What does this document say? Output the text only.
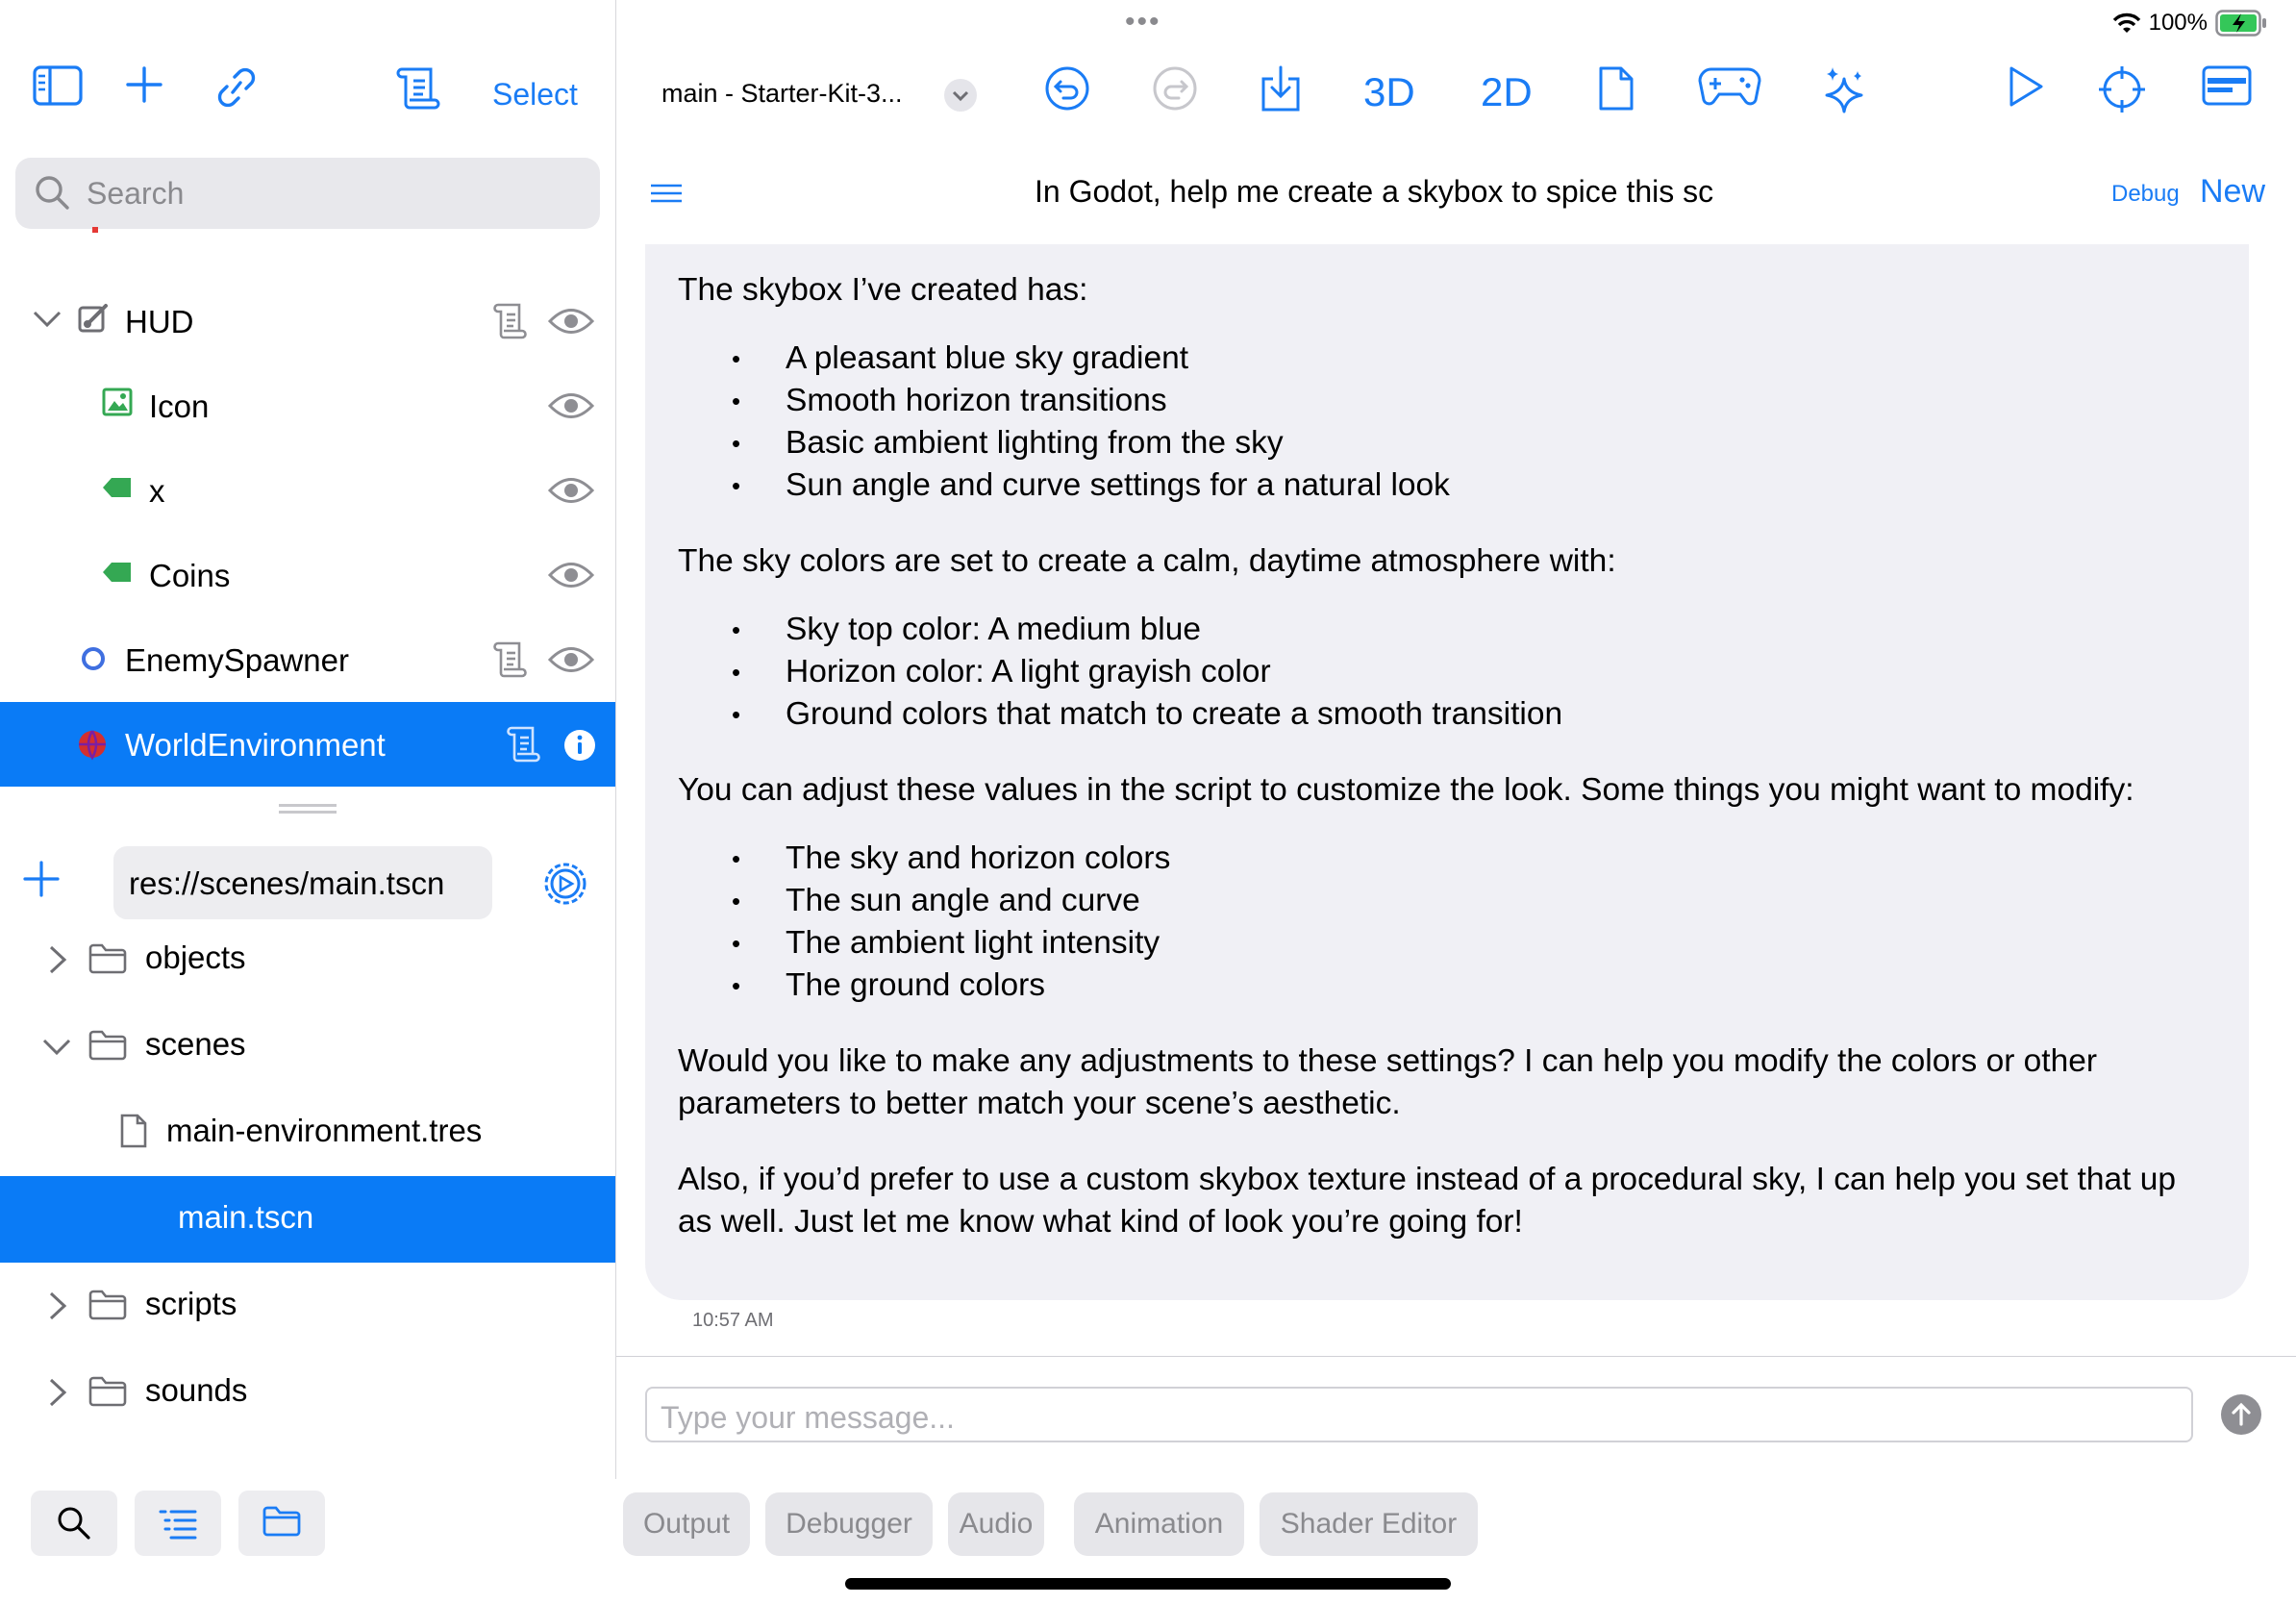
•••	100%
Select
Search
HUD
Icon
x
Coins
EnemySpawner
WorldEnvironment
res://scenes/main.tscn
objects
scenes
main-environment.tres
main.tscn
scripts
sounds
main - Starter-Kit-3...	3D 2D
In Godot, help me create a skybox to spice this sc	Debug New

The skybox I’ve created has:

• A pleasant blue sky gradient
• Smooth horizon transitions
• Basic ambient lighting from the sky
• Sun angle and curve settings for a natural look

The sky colors are set to create a calm, daytime atmosphere with:

• Sky top color: A medium blue
• Horizon color: A light grayish color
• Ground colors that match to create a smooth transition

You can adjust these values in the script to customize the look. Some things you might want to modify:

• The sky and horizon colors
• The sun angle and curve
• The ambient light intensity
• The ground colors

Would you like to make any adjustments to these settings? I can help you modify the colors or other parameters to better match your scene’s aesthetic.

Also, if you’d prefer to use a custom skybox texture instead of a procedural sky, I can help you set that up as well. Just let me know what kind of look you’re going for!

10:57 AM
Type your message...
Output	Debugger	Audio	Animation	Shader Editor
